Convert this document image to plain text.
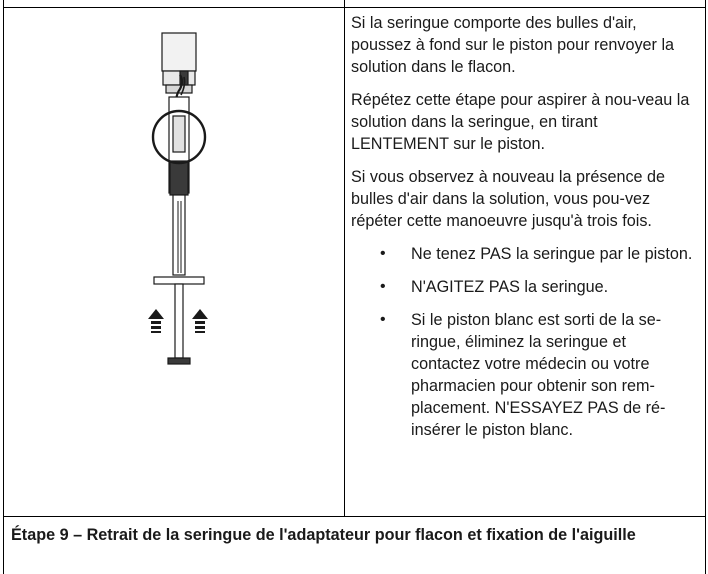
Si la seringue comporte des bulles d'air, poussez à fond sur le piston pour renvoyer la solution dans le flacon.

Répétez cette étape pour aspirer à nou-veau la solution dans la seringue, en tirant LENTEMENT sur le piston.

Si vous observez à nouveau la présence de bulles d'air dans la solution, vous pou-vez répéter cette manoeuvre jusqu'à trois fois.

• Ne tenez PAS la seringue par le piston.
• N'AGITEZ PAS la seringue.
• Si le piston blanc est sorti de la se-ringue, éliminez la seringue et contactez votre médecin ou votre pharmacien pour obtenir son rem-placement. N'ESSAYEZ PAS de ré-insérer le piston blanc.
Étape 9 – Retrait de la seringue de l'adaptateur pour flacon et fixation de l'aiguille
